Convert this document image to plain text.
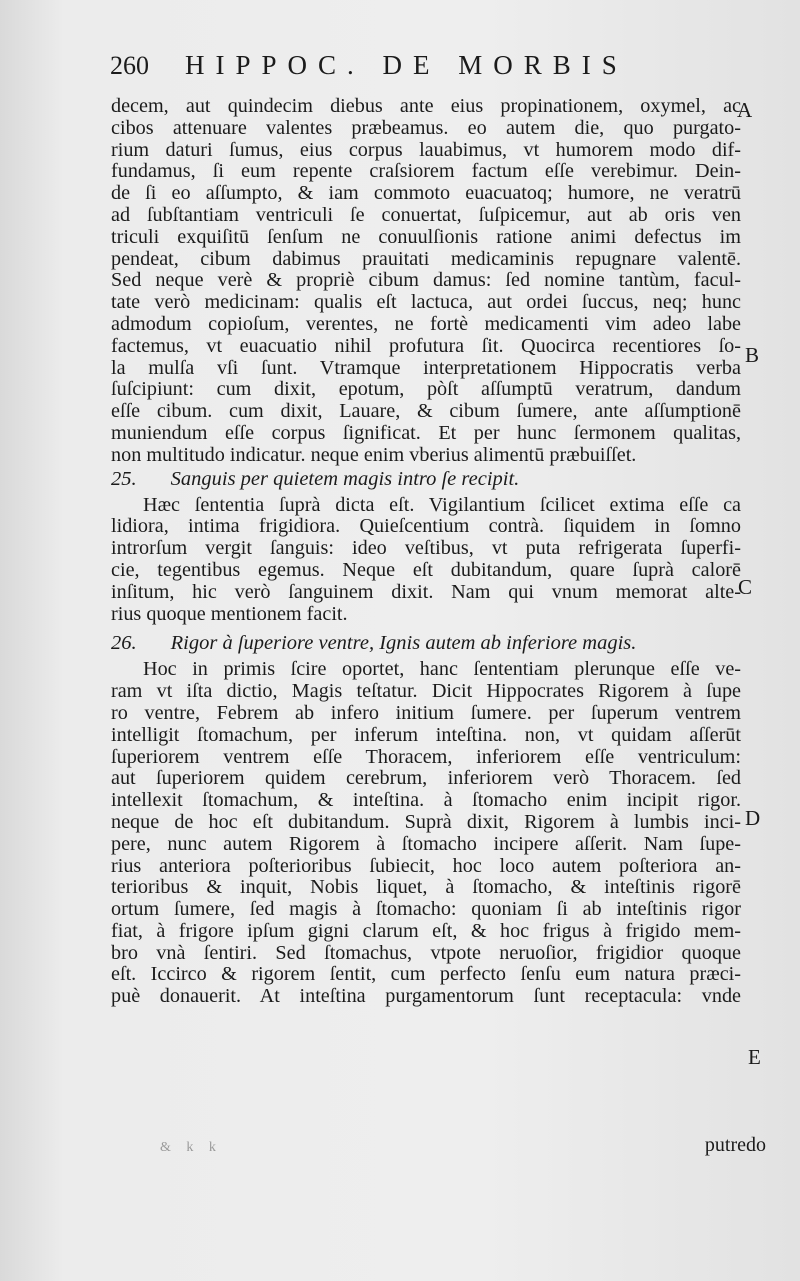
260 HIPPOC. DE MORBIS
decem, aut quindecim diebus ante eius propinationem, oxymel, ac
cibos attenuare valentes præbeamus. eo autem die, quo purgato-
rium daturi ſumus, eius corpus lauabimus, vt humorem modo dif-
fundamus, ſi eum repente craſsiorem factum eſſe verebimur. Dein-
de ſi eo aſſumpto, & iam commoto euacuatoq; humore, ne veratrū
ad ſubſtantiam ventriculi ſe conuertat, ſuſpicemur, aut ab oris ven
triculi exquiſitū ſenſum ne conuulſionis ratione animi defectus im
pendeat, cibum dabimus prauitati medicaminis repugnare valentē.
Sed neque verè & propriè cibum damus: ſed nomine tantùm, facul-
tate verò medicinam: qualis eſt lactuca, aut ordei ſuccus, neq; hunc
admodum copioſum, verentes, ne fortè medicamenti vim adeo labe
factemus, vt euacuatio nihil profutura ſit. Quocirca recentiores ſo-
la mulſa vſi ſunt. Vtramque interpretationem Hippocratis verba
ſuſcipiunt: cum dixit, epotum, pòſt aſſumptū veratrum, dandum
eſſe cibum. cum dixit, Lauare, & cibum ſumere, ante aſſumptionē
muniendum eſſe corpus ſignificat. Et per hunc ſermonem qualitas,
non multitudo indicatur. neque enim vberius alimentū præbuiſſet.
25. Sanguis per quietem magis intro ſe recipit.
Hæc ſententia ſuprà dicta eſt. Vigilantium ſcilicet extima eſſe ca
lidiora, intima frigidiora. Quieſcentium contrà. ſiquidem in ſomno
introrſum vergit ſanguis: ideo veſtibus, vt puta refrigerata ſuperfi-
cie, tegentibus egemus. Neque eſt dubitandum, quare ſuprà calorē
inſitum, hic verò ſanguinem dixit. Nam qui vnum memorat alte-
rius quoque mentionem facit.
26. Rigor à ſuperiore ventre, Ignis autem ab inferiore magis.
Hoc in primis ſcire oportet, hanc ſententiam plerunque eſſe ve-
ram vt iſta dictio, Magis teſtatur. Dicit Hippocrates Rigorem à ſupe
ro ventre, Febrem ab infero initium ſumere. per ſuperum ventrem
intelligit ſtomachum, per inferum inteſtina. non, vt quidam aſſerūt
ſuperiorem ventrem eſſe Thoracem, inferiorem eſſe ventriculum:
aut ſuperiorem quidem cerebrum, inferiorem verò Thoracem. ſed
intellexit ſtomachum, & inteſtina. à ſtomacho enim incipit rigor.
neque de hoc eſt dubitandum. Suprà dixit, Rigorem à lumbis inci-
pere, nunc autem Rigorem à ſtomacho incipere aſſerit. Nam ſupe-
rius anteriora poſterioribus ſubiecit, hoc loco autem poſteriora an-
terioribus & inquit, Nobis liquet, à ſtomacho, & inteſtinis rigorē
ortum ſumere, ſed magis à ſtomacho: quoniam ſi ab inteſtinis rigor
fiat, à frigore ipſum gigni clarum eſt, & hoc frigus à frigido mem-
bro vnà ſentiri. Sed ſtomachus, vtpote neruoſior, frigidior quoque
eſt. Iccirco & rigorem ſentit, cum perfecto ſenſu eum natura præci-
puè donauerit. At inteſtina purgamentorum ſunt receptacula: vnde
A
B
C
D
E
& k k	putredo
